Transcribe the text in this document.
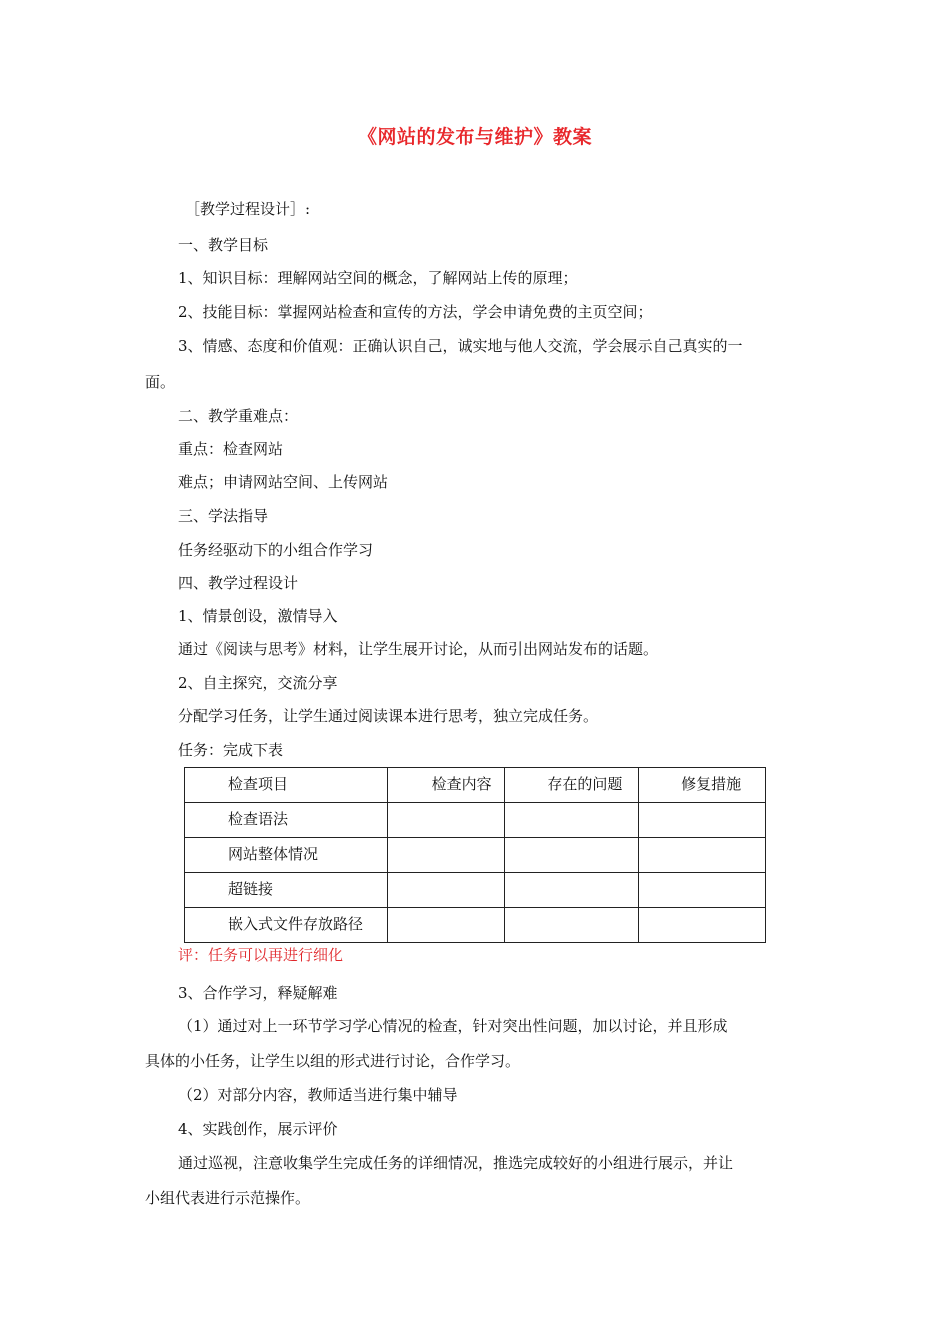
《网站的发布与维护》教案
［教学过程设计］:
一、教学目标
1、知识目标：理解网站空间的概念，了解网站上传的原理；
2、技能目标：掌握网站检查和宣传的方法，学会申请免费的主页空间；
3、情感、态度和价值观：正确认识自己，诚实地与他人交流，学会展示自己真实的一
面。
二、教学重难点：
重点：检查网站
难点；申请网站空间、上传网站
三、学法指导
任务经驱动下的小组合作学习
四、教学过程设计
1、情景创设，激情导入
通过《阅读与思考》材料，让学生展开讨论，从而引出网站发布的话题。
2、自主探究，交流分享
分配学习任务，让学生通过阅读课本进行思考，独立完成任务。
任务：完成下表
检查项目	检查内容	存在的问题	修复措施

检查语法			

网站整体情况			

超链接			

嵌入式文件存放路径			

评：任务可以再进行细化
3、合作学习，释疑解难
（1）通过对上一环节学习学心情况的检查，针对突出性问题，加以讨论，并且形成
具体的小任务，让学生以组的形式进行讨论，合作学习。
（2）对部分内容，教师适当进行集中辅导
4、实践创作，展示评价
通过巡视，注意收集学生完成任务的详细情况，推选完成较好的小组进行展示，并让
小组代表进行示范操作。
